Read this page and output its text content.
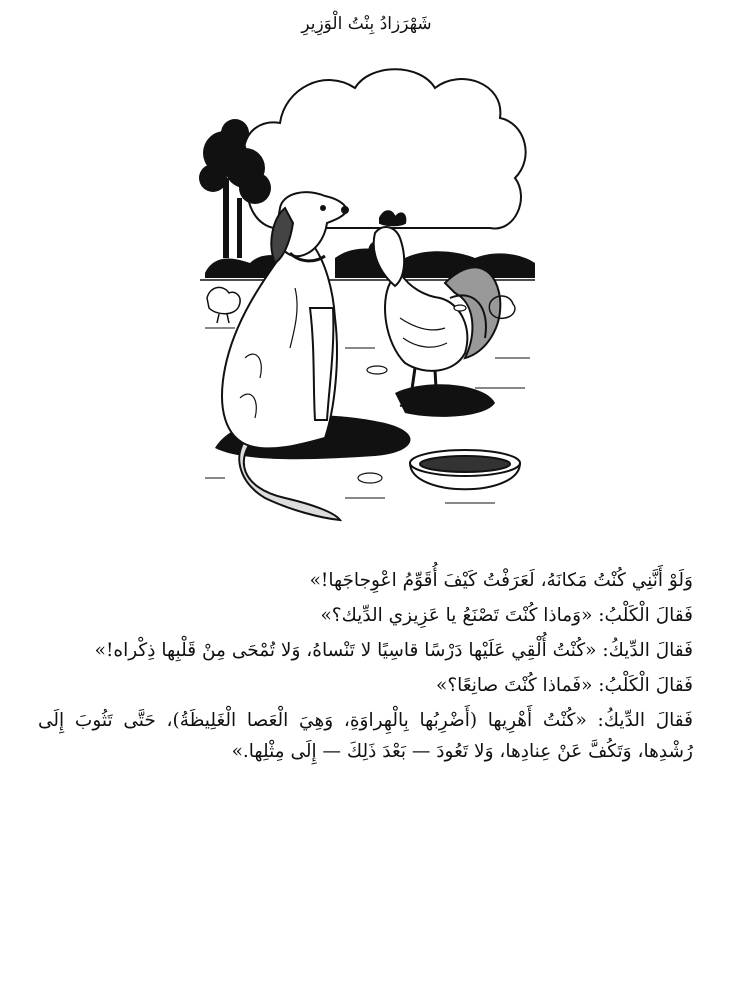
شَهْرَزادُ بِنْتُ الْوَزِيرِ

وَلَوْ أَنَّنِي كُنْتُ مَكانَهُ، لَعَرَفْتُ كَيْفَ أُقَوِّمُ اعْوِجاجَها!»

فَقالَ الْكَلْبُ: «وَماذا كُنْتَ تَصْنَعُ يا عَزِيزي الدِّيك؟»

فَقالَ الدِّيكُ: «كُنْتُ أُلْقِي عَلَيْها دَرْسًا قاسِيًا لا تَنْساهُ، وَلا تُمْحَى مِنْ قَلْبِها ذِكْراه!»

فَقالَ الْكَلْبُ: «فَماذا كُنْتَ صانِعًا؟»

فَقالَ الدِّيكُ: «كُنْتُ أَهْرِيها (أَضْرِبُها بِالْهِراوَةِ، وَهِيَ الْعَصا الْغَلِيظَةُ)، حَتَّى تَثُوبَ إِلَى رُشْدِها، وَتَكُفَّ عَنْ عِنادِها، وَلا تَعُودَ — بَعْدَ ذَلِكَ — إِلَى مِثْلِها.»
